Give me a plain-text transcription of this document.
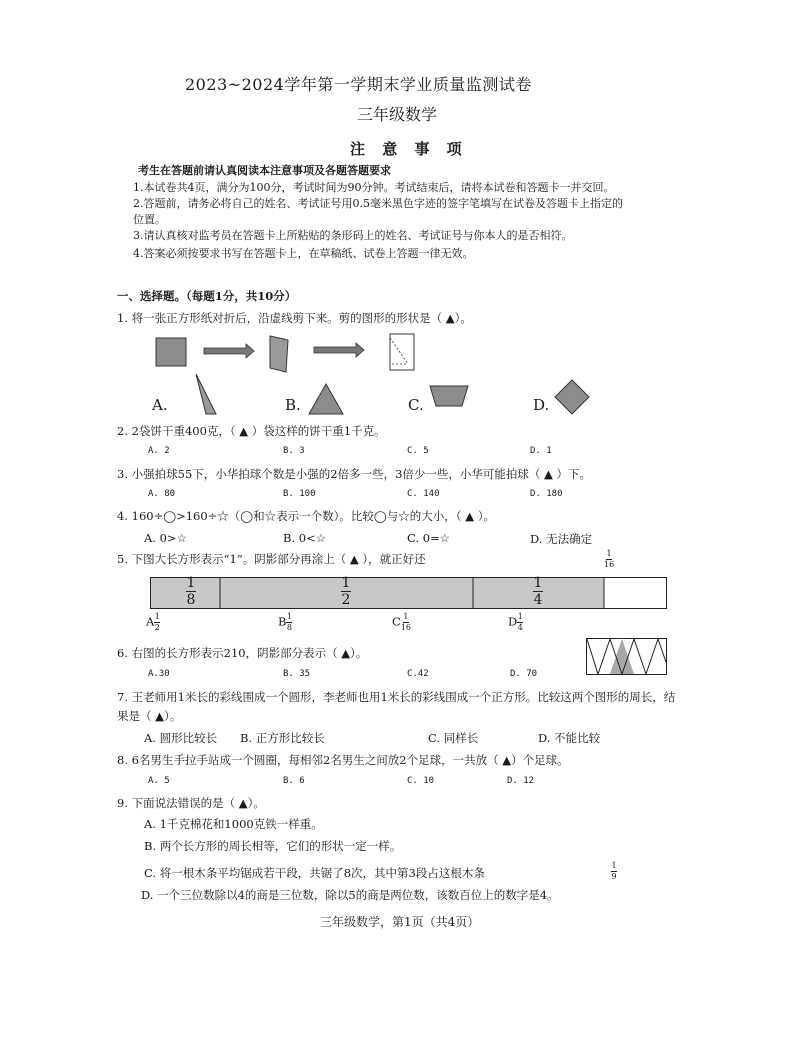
2023~2024学年第一学期末学业质量监测试卷
三年级数学
注 意 事 项
考生在答题前请认真阅读本注意事项及各题答题要求
1.本试卷共4页，满分为100分，考试时间为90分钟。考试结束后，请将本试卷和答题卡一并交回。
2.答题前，请务必将自己的姓名、考试证号用0.5毫米黑色字迹的签字笔填写在试卷及答题卡上指定的
位置。
3.请认真核对监考员在答题卡上所粘贴的条形码上的姓名、考试证号与你本人的是否相符。
4.答案必须按要求书写在答题卡上，在草稿纸、试卷上答题一律无效。
一、选择题。（每题1分，共10分）
1. 将一张正方形纸对折后，沿虚线剪下来。剪的图形的形状是（ ▲）。
A.	B.	C.	D.
2. 2袋饼干重400克，（ ▲ ）袋这样的饼干重1千克。
A. 2	B. 3	C. 5	D. 1
3. 小强拍球55下，小华拍球个数是小强的2倍多一些，3倍少一些，小华可能拍球（ ▲ ）下。
A. 80	B. 100	C. 140	D. 180
4. 160÷◯>160÷☆（◯和☆表示一个数）。比较◯与☆的大小，（ ▲ ）。
A. 0>☆	B. 0<☆	C. 0=☆	D. 无法确定
5. 下图大长方形表示“1”。阴影部分再涂上（ ▲ ），就正好还	$\frac{1}{16}$
$\frac{1}{8}$	$\frac{1}{2}$	$\frac{1}{4}$
A $\frac{1}{2}$	B $\frac{1}{8}$	C $\frac{1}{16}$	D $\frac{1}{4}$
6. 右图的长方形表示210，阴影部分表示（ ▲）。
A.30	B. 35	C.42	D. 70
7. 王老师用1米长的彩线围成一个圆形，李老师也用1米长的彩线围成一个正方形。比较这两个图形的周长，结
果是（ ▲）。
A. 圆形比较长 B. 正方形比较长	C. 同样长	D. 不能比较
8. 6名男生手拉手站成一个圆圈，每相邻2名男生之间放2个足球，一共放（ ▲）个足球。
A. 5	B. 6	C. 10	D. 12
9. 下面说法错误的是（ ▲）。
A. 1千克棉花和1000克铁一样重。
B. 两个长方形的周长相等，它们的形状一定一样。
C. 将一根木条平均锯成若干段，共锯了8次，其中第3段占这根木条	$\frac{1}{9}$
D. 一个三位数除以4的商是三位数，除以5的商是两位数，该数百位上的数字是4。
三年级数学，第1页（共4页）
